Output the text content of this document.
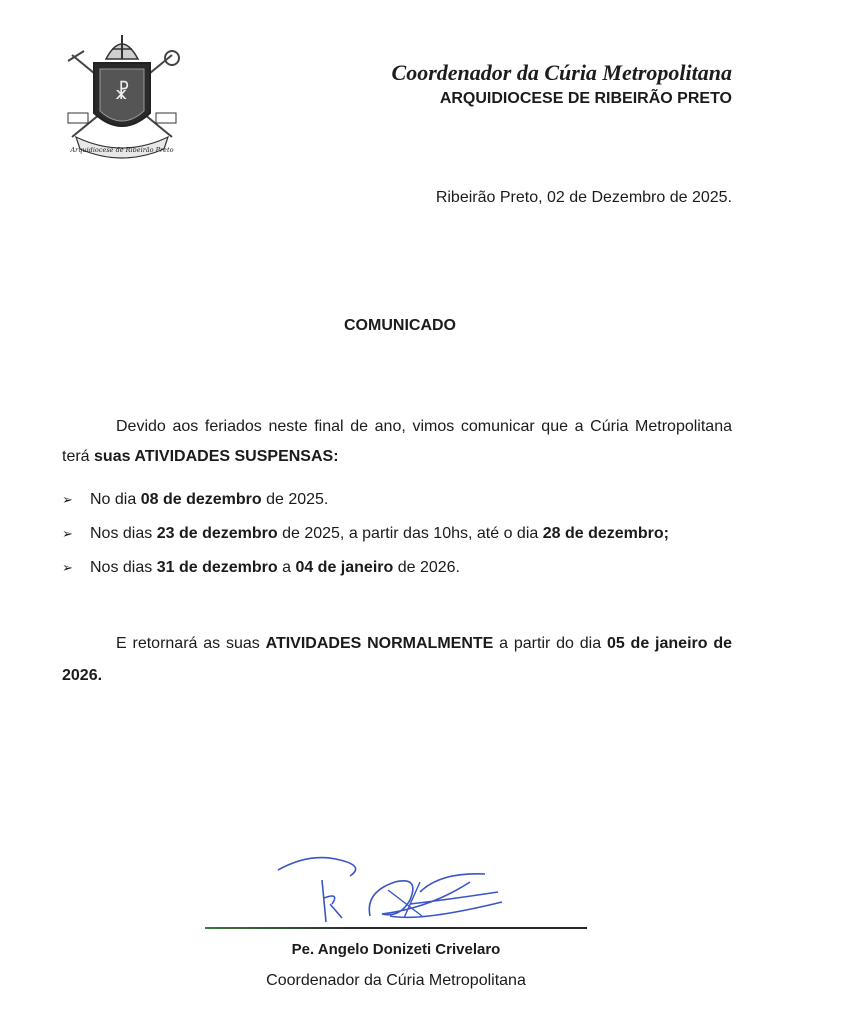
☧
Arquidiocese de Ribeirão Preto
Coordenador da Cúria Metropolitana
ARQUIDIOCESE DE RIBEIRÃO PRETO
Ribeirão Preto, 02 de Dezembro de 2025.
COMUNICADO
Devido aos feriados neste final de ano, vimos comunicar que a Cúria Metropolitana terá suas ATIVIDADES SUSPENSAS:
➢ No dia 08 de dezembro de 2025.
➢ Nos dias 23 de dezembro de 2025, a partir das 10hs, até o dia 28 de dezembro;
➢ Nos dias 31 de dezembro a 04 de janeiro de 2026.
E retornará as suas ATIVIDADES NORMALMENTE a partir do dia 05 de janeiro de 2026.
Pe. Angelo Donizeti Crivelaro
Coordenador da Cúria Metropolitana
